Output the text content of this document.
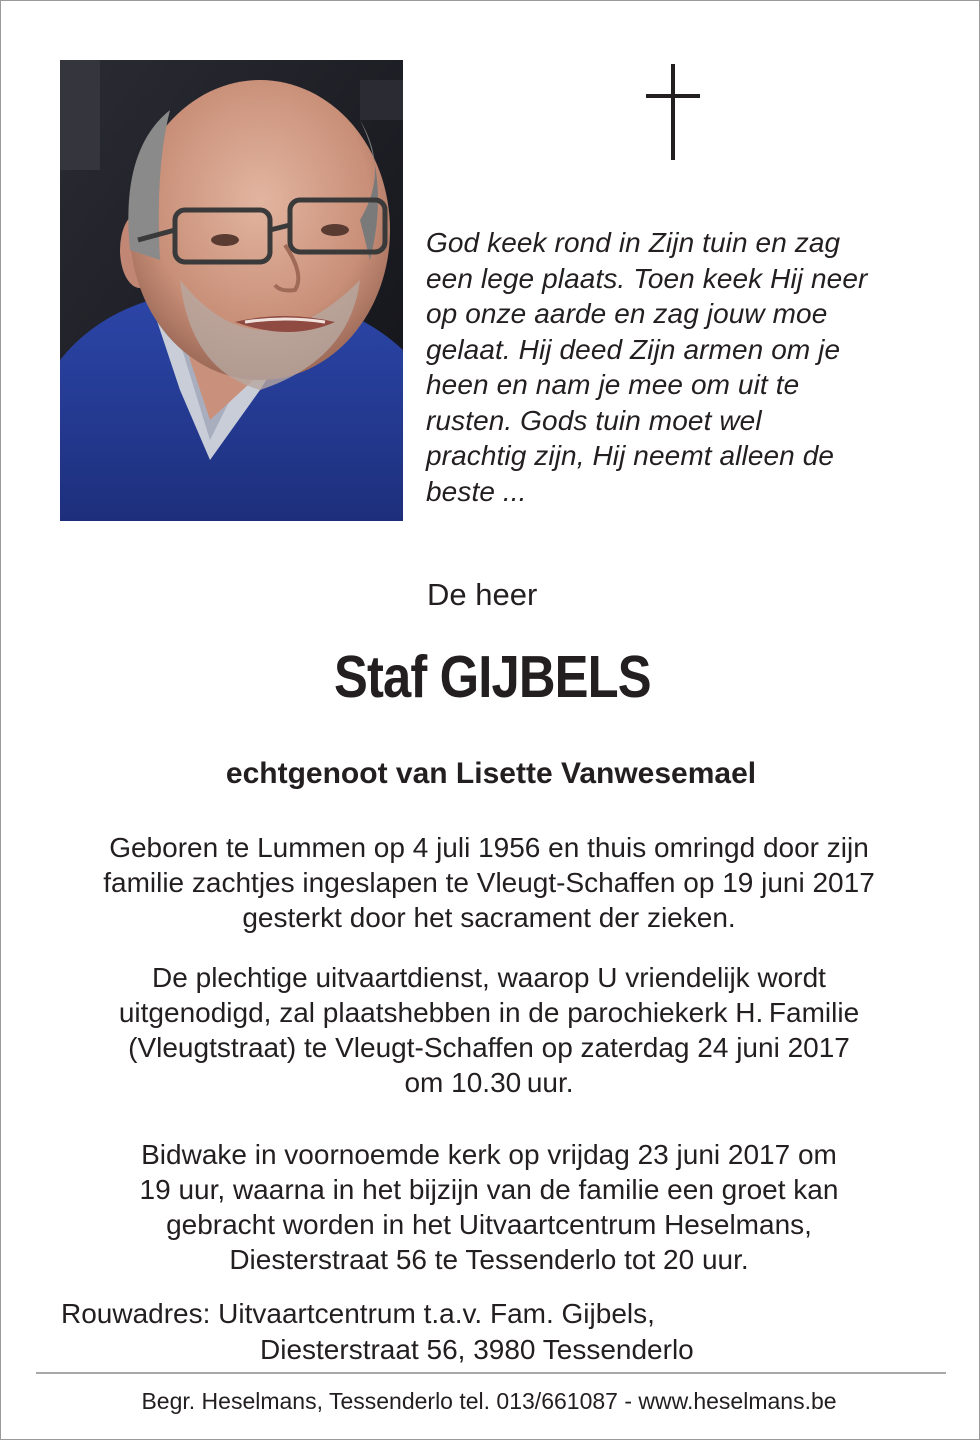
God keek rond in Zijn tuin en zag
een lege plaats. Toen keek Hij neer
op onze aarde en zag jouw moe
gelaat. Hij deed Zijn armen om je
heen en nam je mee om uit te
rusten. Gods tuin moet wel
prachtig zijn, Hij neemt alleen de
beste ...
De heer
Staf GIJBELS
echtgenoot van Lisette Vanwesemael
Geboren te Lummen op 4 juli 1956 en thuis omringd door zijn
familie zachtjes ingeslapen te Vleugt-Schaffen op 19 juni 2017
gesterkt door het sacrament der zieken.
De plechtige uitvaartdienst, waarop U vriendelijk wordt
uitgenodigd, zal plaatshebben in de parochiekerk H. Familie
(Vleugtstraat) te Vleugt-Schaffen op zaterdag 24 juni 2017
om 10.30 uur.
Bidwake in voornoemde kerk op vrijdag 23 juni 2017 om
19 uur, waarna in het bijzijn van de familie een groet kan
gebracht worden in het Uitvaartcentrum Heselmans,
Diesterstraat 56 te Tessenderlo tot 20 uur.
Rouwadres: Uitvaartcentrum t.a.v. Fam. Gijbels,
Diesterstraat 56, 3980 Tessenderlo
Begr. Heselmans, Tessenderlo tel. 013/661087 - www.heselmans.be
